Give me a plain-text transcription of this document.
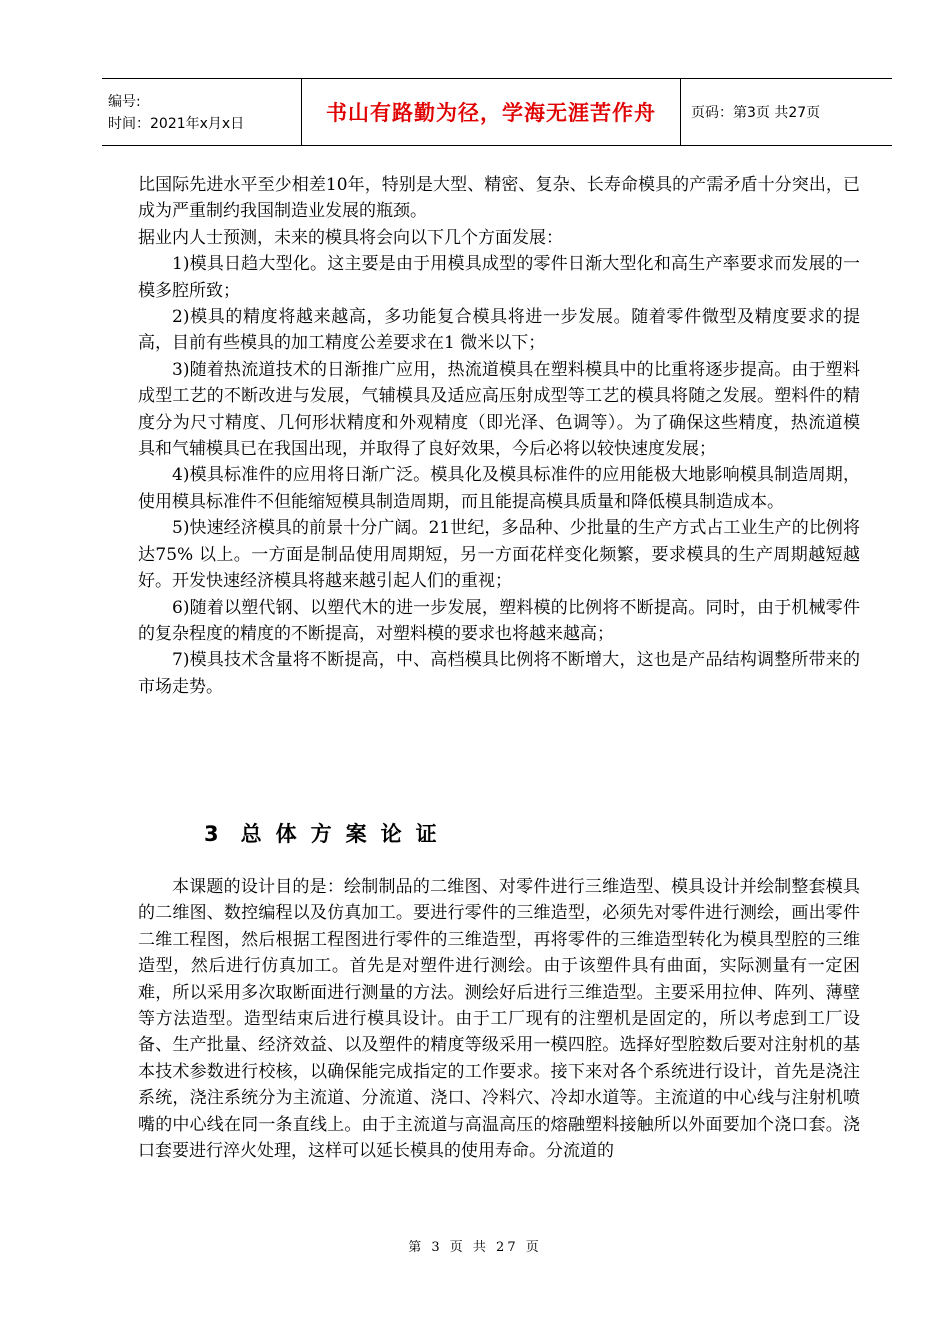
编号:
时间：2021年x月x日	书山有路勤为径，学海无涯苦作舟	页码：第3页 共27页

比国际先进水平至少相差10年，特别是大型、精密、复杂、长寿命模具的产需矛盾十分突出，已成为严重制约我国制造业发展的瓶颈。

据业内人士预测，未来的模具将会向以下几个方面发展：

1)模具日趋大型化。这主要是由于用模具成型的零件日渐大型化和高生产率要求而发展的一模多腔所致；

2)模具的精度将越来越高，多功能复合模具将进一步发展。随着零件微型及精度要求的提高，目前有些模具的加工精度公差要求在1 微米以下；

3)随着热流道技术的日渐推广应用，热流道模具在塑料模具中的比重将逐步提高。由于塑料成型工艺的不断改进与发展，气辅模具及适应高压射成型等工艺的模具将随之发展。塑料件的精度分为尺寸精度、几何形状精度和外观精度（即光泽、色调等）。为了确保这些精度，热流道模具和气辅模具已在我国出现，并取得了良好效果，今后必将以较快速度发展；

4)模具标准件的应用将日渐广泛。模具化及模具标准件的应用能极大地影响模具制造周期，使用模具标准件不但能缩短模具制造周期，而且能提高模具质量和降低模具制造成本。

5)快速经济模具的前景十分广阔。21世纪，多品种、少批量的生产方式占工业生产的比例将达75% 以上。一方面是制品使用周期短，另一方面花样变化频繁，要求模具的生产周期越短越好。开发快速经济模具将越来越引起人们的重视；

6)随着以塑代钢、以塑代木的进一步发展，塑料模的比例将不断提高。同时，由于机械零件的复杂程度的精度的不断提高，对塑料模的要求也将越来越高；

7)模具技术含量将不断提高，中、高档模具比例将不断增大，这也是产品结构调整所带来的市场走势。

3 总体方案论证

本课题的设计目的是：绘制制品的二维图、对零件进行三维造型、模具设计并绘制整套模具的二维图、数控编程以及仿真加工。要进行零件的三维造型，必须先对零件进行测绘，画出零件二维工程图，然后根据工程图进行零件的三维造型，再将零件的三维造型转化为模具型腔的三维造型，然后进行仿真加工。首先是对塑件进行测绘。由于该塑件具有曲面，实际测量有一定困难，所以采用多次取断面进行测量的方法。测绘好后进行三维造型。主要采用拉伸、阵列、薄壁等方法造型。造型结束后进行模具设计。由于工厂现有的注塑机是固定的，所以考虑到工厂设备、生产批量、经济效益、以及塑件的精度等级采用一模四腔。选择好型腔数后要对注射机的基本技术参数进行校核，以确保能完成指定的工作要求。接下来对各个系统进行设计，首先是浇注系统，浇注系统分为主流道、分流道、浇口、冷料穴、冷却水道等。主流道的中心线与注射机喷嘴的中心线在同一条直线上。由于主流道与高温高压的熔融塑料接触所以外面要加个浇口套。浇口套要进行淬火处理，这样可以延长模具的使用寿命。分流道的

第 3 页 共 27 页
